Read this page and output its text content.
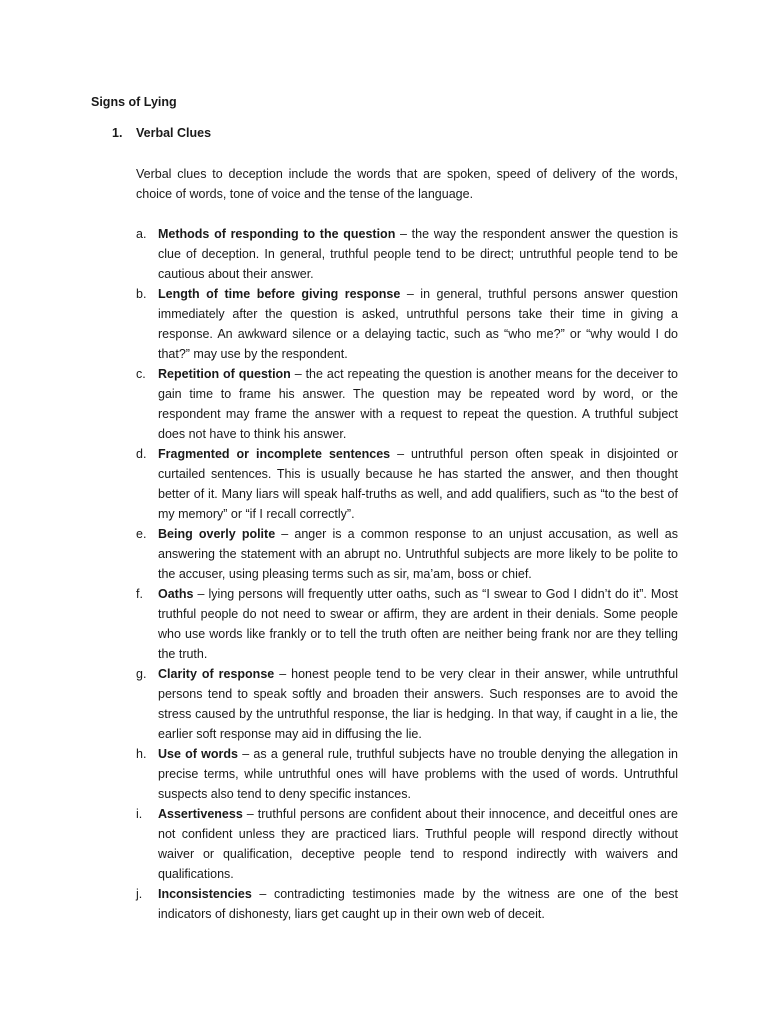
Signs of Lying
1. Verbal Clues

Verbal clues to deception include the words that are spoken, speed of delivery of the words, choice of words, tone of voice and the tense of the language.

a. Methods of responding to the question – the way the respondent answer the question is clue of deception. In general, truthful people tend to be direct; untruthful people tend to be cautious about their answer.
b. Length of time before giving response – in general, truthful persons answer question immediately after the question is asked, untruthful persons take their time in giving a response. An awkward silence or a delaying tactic, such as “who me?” or “why would I do that?” may use by the respondent.
c. Repetition of question – the act repeating the question is another means for the deceiver to gain time to frame his answer. The question may be repeated word by word, or the respondent may frame the answer with a request to repeat the question. A truthful subject does not have to think his answer.
d. Fragmented or incomplete sentences – untruthful person often speak in disjointed or curtailed sentences. This is usually because he has started the answer, and then thought better of it. Many liars will speak half-truths as well, and add qualifiers, such as “to the best of my memory” or “if I recall correctly”.
e. Being overly polite – anger is a common response to an unjust accusation, as well as answering the statement with an abrupt no. Untruthful subjects are more likely to be polite to the accuser, using pleasing terms such as sir, ma’am, boss or chief.
f. Oaths – lying persons will frequently utter oaths, such as “I swear to God I didn’t do it”. Most truthful people do not need to swear or affirm, they are ardent in their denials. Some people who use words like frankly or to tell the truth often are neither being frank nor are they telling the truth.
g. Clarity of response – honest people tend to be very clear in their answer, while untruthful persons tend to speak softly and broaden their answers. Such responses are to avoid the stress caused by the untruthful response, the liar is hedging. In that way, if caught in a lie, the earlier soft response may aid in diffusing the lie.
h. Use of words – as a general rule, truthful subjects have no trouble denying the allegation in precise terms, while untruthful ones will have problems with the used of words. Untruthful suspects also tend to deny specific instances.
i. Assertiveness – truthful persons are confident about their innocence, and deceitful ones are not confident unless they are practiced liars. Truthful people will respond directly without waiver or qualification, deceptive people tend to respond indirectly with waivers and qualifications.
j. Inconsistencies – contradicting testimonies made by the witness are one of the best indicators of dishonesty, liars get caught up in their own web of deceit.
